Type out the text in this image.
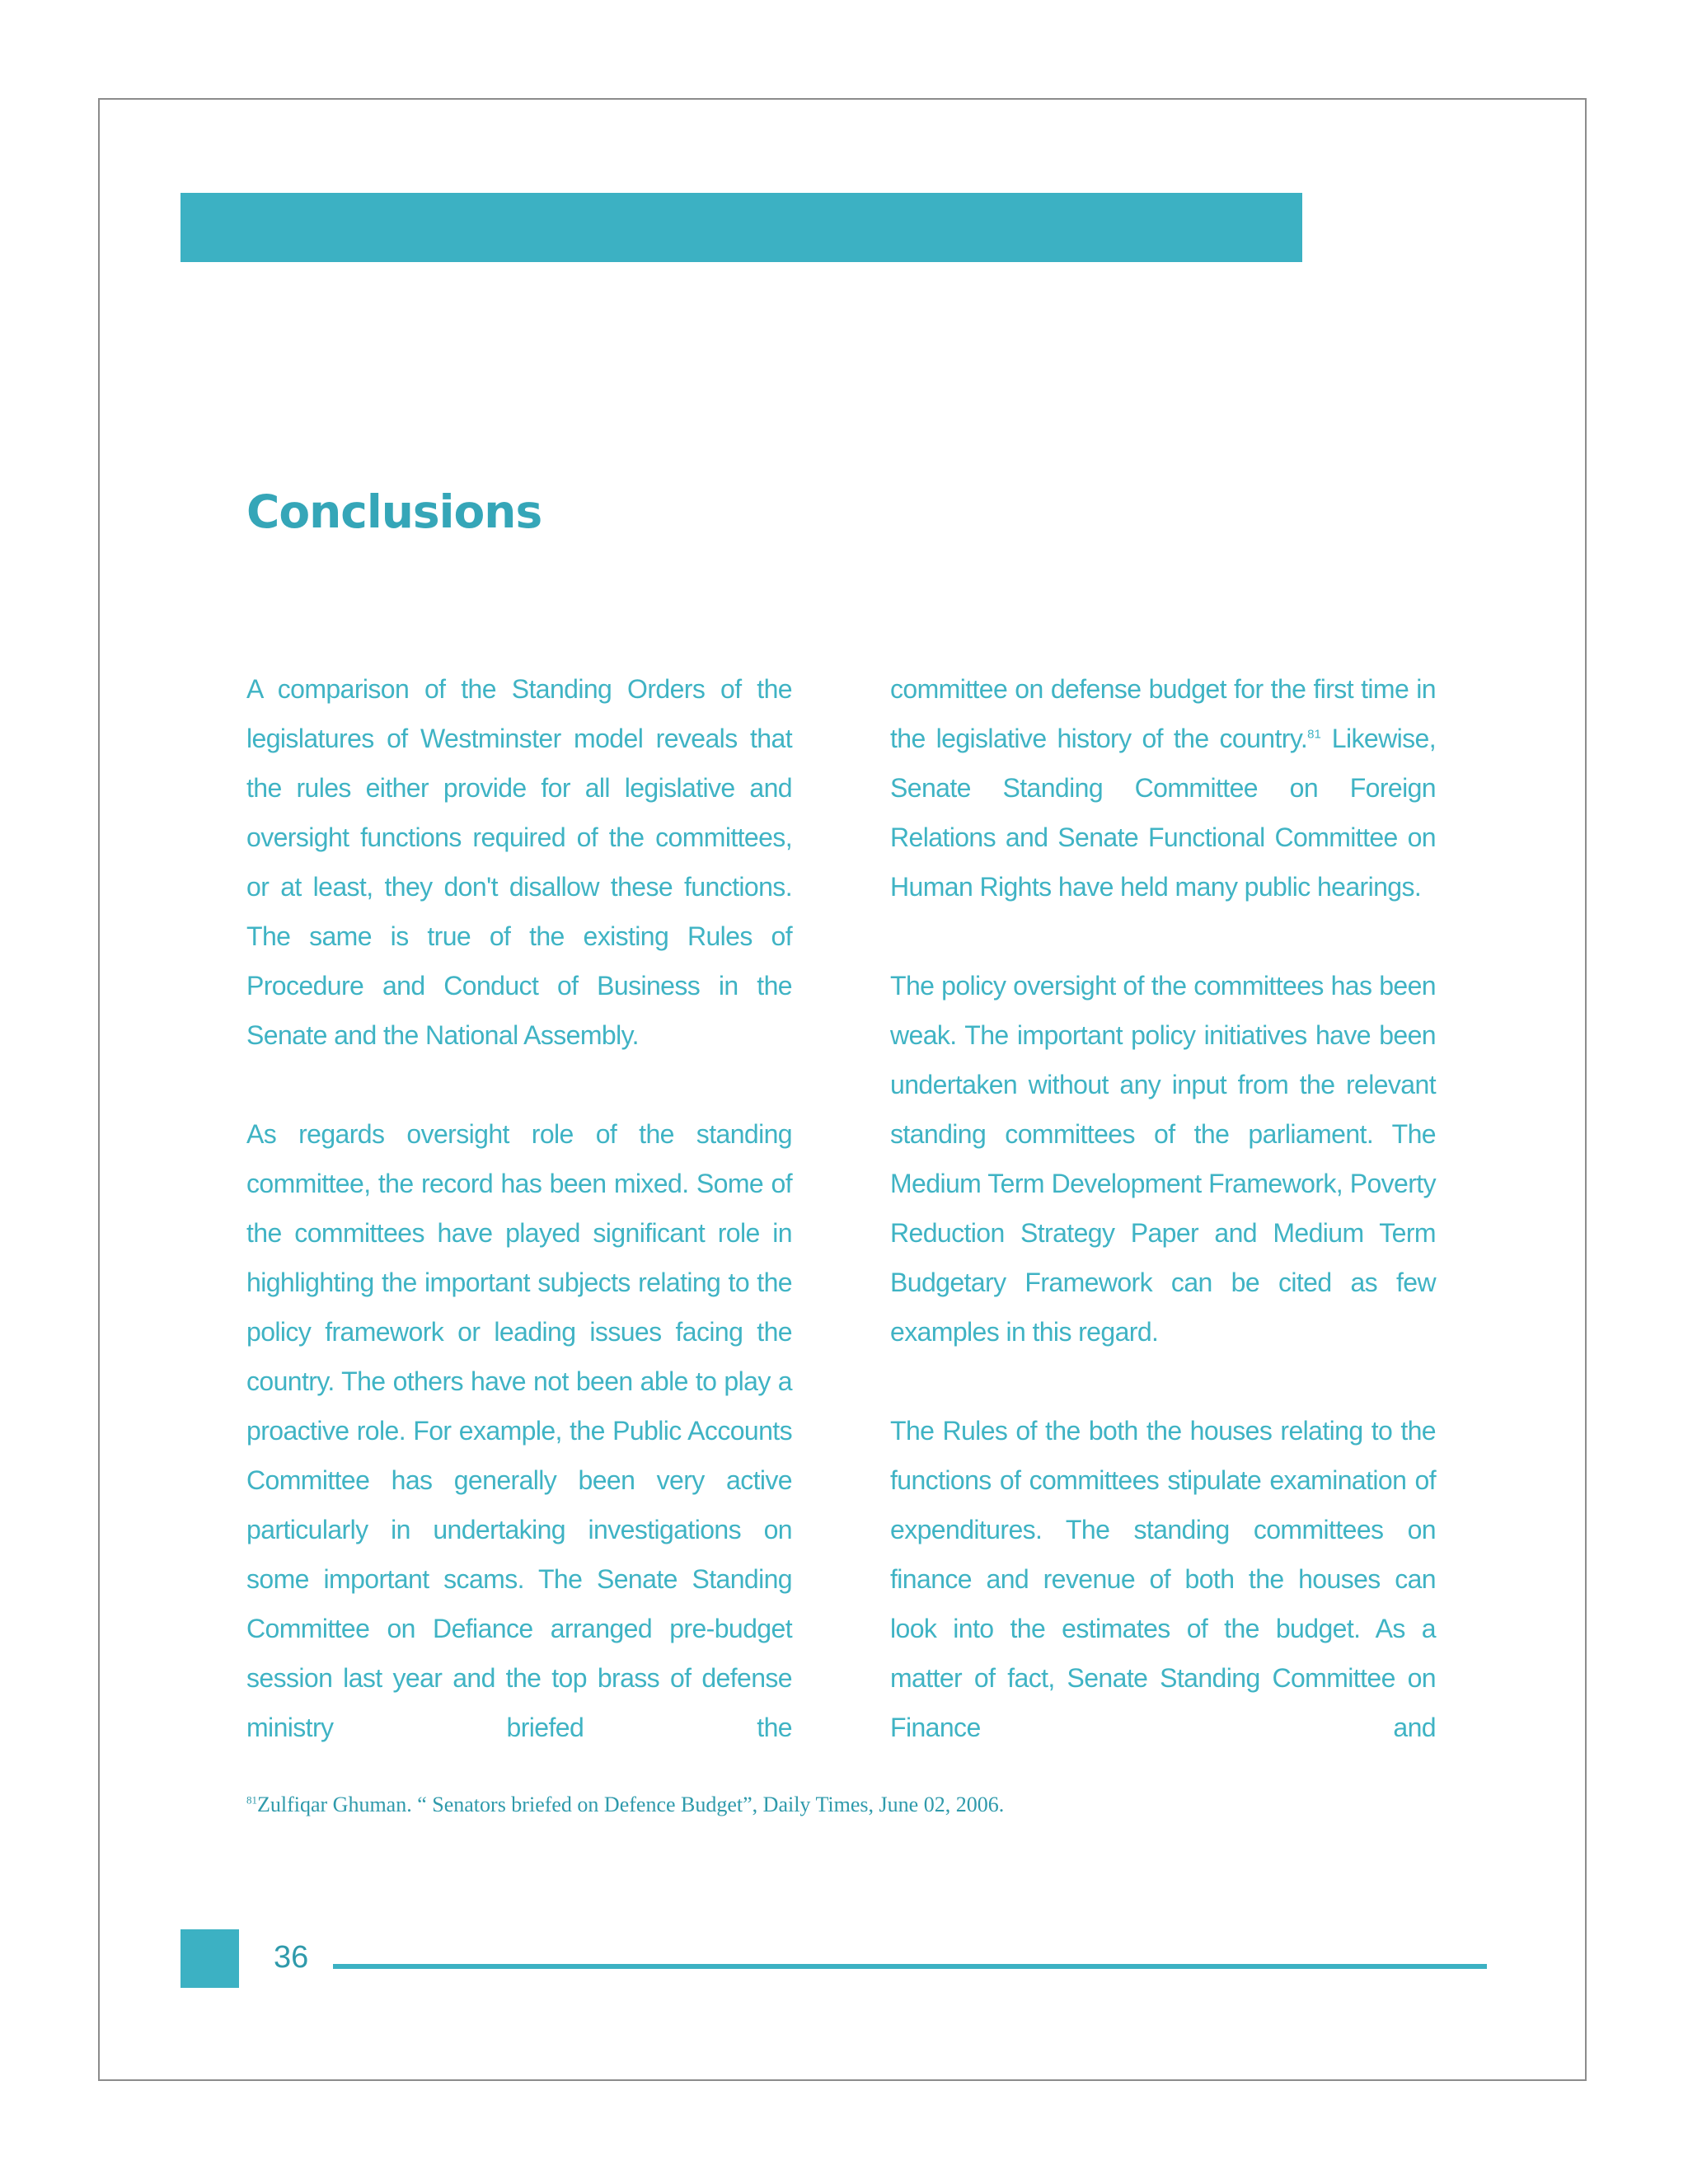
Conclusions

A comparison of the Standing Orders of the legislatures of Westminster model reveals that the rules either provide for all legislative and oversight functions required of the committees, or at least, they don't disallow these functions. The same is true of the existing Rules of Procedure and Conduct of Business in the Senate and the National Assembly.

As regards oversight role of the standing committee, the record has been mixed. Some of the committees have played significant role in highlighting the important subjects relating to the policy framework or leading issues facing the country. The others have not been able to play a proactive role. For example, the Public Accounts Committee has generally been very active particularly in undertaking investigations on some important scams. The Senate Standing Committee on Defiance arranged pre-budget session last year and the top brass of defense ministry briefed the

committee on defense budget for the first time in the legislative history of the country.$^{81}$ Likewise, Senate Standing Committee on Foreign Relations and Senate Functional Committee on Human Rights have held many public hearings.

The policy oversight of the committees has been weak. The important policy initiatives have been undertaken without any input from the relevant standing committees of the parliament. The Medium Term Development Framework, Poverty Reduction Strategy Paper and Medium Term Budgetary Framework can be cited as few examples in this regard.

The Rules of the both the houses relating to the functions of committees stipulate examination of expenditures. The standing committees on finance and revenue of both the houses can look into the estimates of the budget. As a matter of fact, Senate Standing Committee on Finance and

$^{81}$Zulfiqar Ghuman. “ Senators briefed on Defence Budget”, Daily Times, June 02, 2006.
36
